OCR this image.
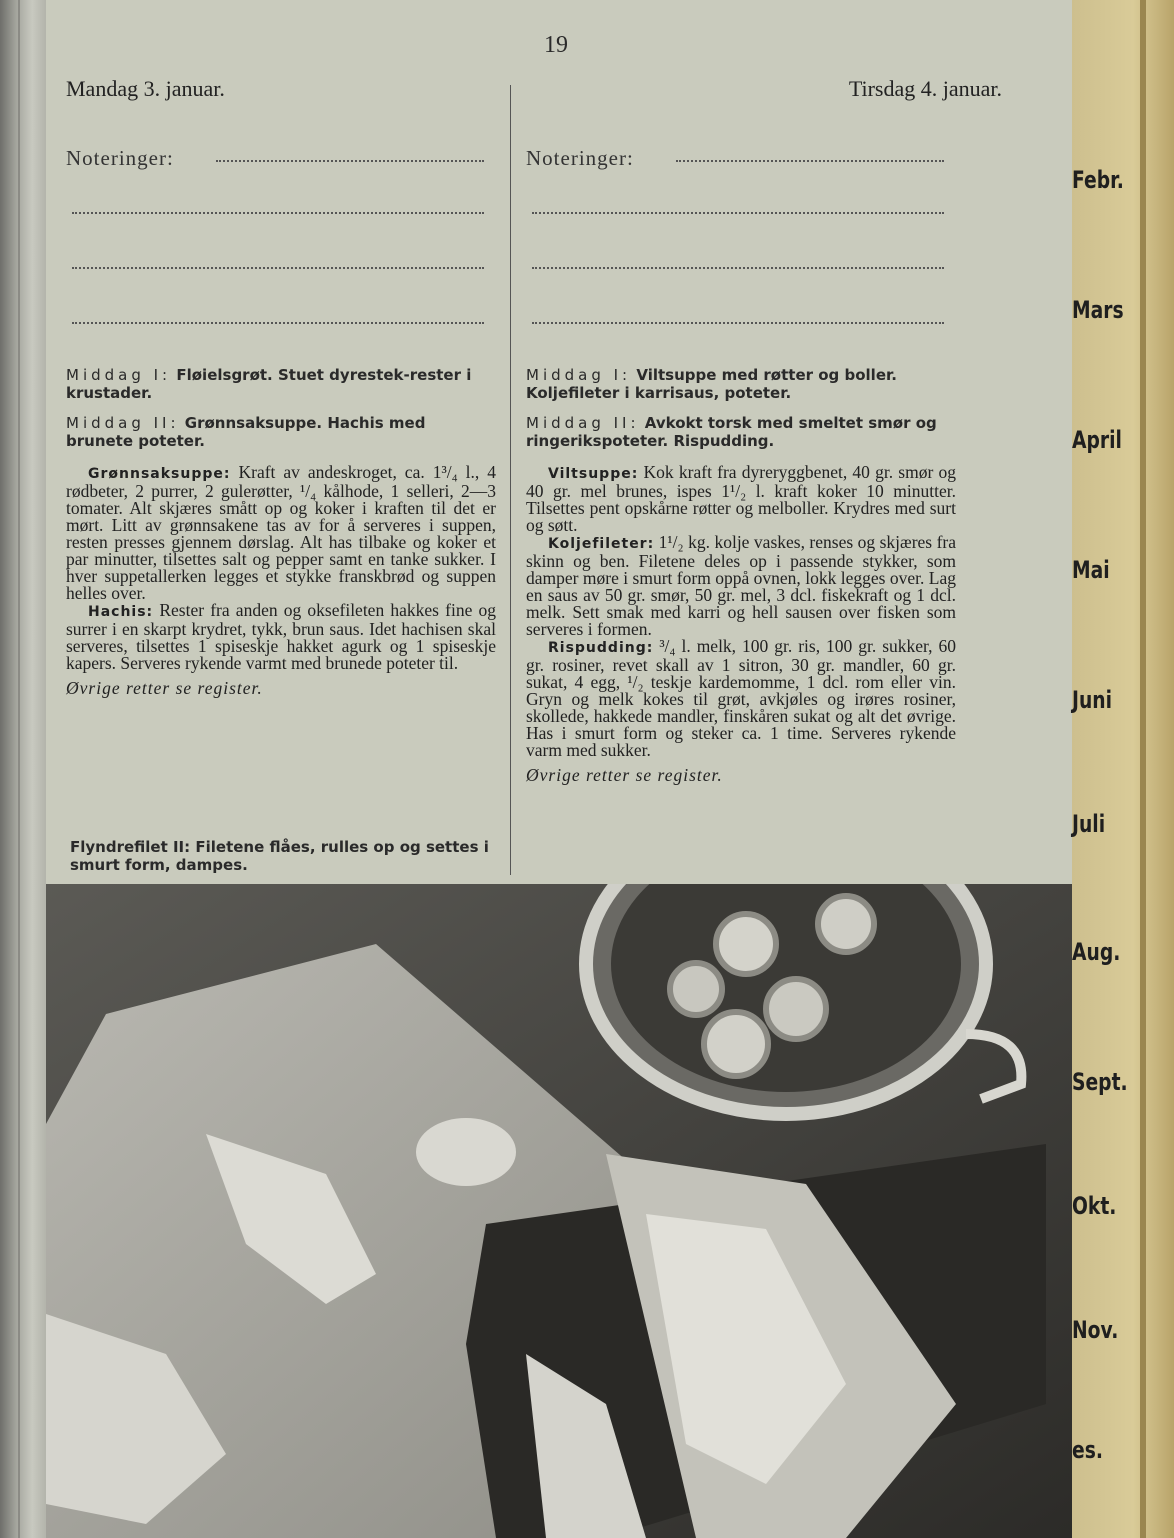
19
Mandag 3. januar.
Noteringer:
Middag I: Fløielsgrøt. Stuet dyrestek-rester i krustader.
Middag II: Grønnsaksuppe. Hachis med brunete poteter.

Grønnsaksuppe: Kraft av andeskroget, ca. 1³/₄ l., 4 rødbeter, 2 purrer, 2 gulerøtter, ¹/₄ kålhode, 1 selleri, 2—3 tomater. Alt skjæres smått op og koker i kraften til det er mørt. Litt av grønnsakene tas av for å serveres i suppen, resten presses gjennem dørslag. Alt has tilbake og koker et par minutter, tilsettes salt og pepper samt en tanke sukker. I hver suppetallerken legges et stykke franskbrød og suppen helles over.

Hachis: Rester fra anden og oksefileten hakkes fine og surrer i en skarpt krydret, tykk, brun saus. Idet hachisen skal serveres, tilsettes 1 spiseskje hakket agurk og 1 spiseskje kapers. Serveres rykende varmt med brunede poteter til.

Øvrige retter se register.

Flyndrefilet II: Filetene flåes, rulles op og settes i smurt form, dampes.
Tirsdag 4. januar.
Noteringer:
Middag I: Viltsuppe med røtter og boller. Koljefileter i karrisaus, poteter.
Middag II: Avkokt torsk med smeltet smør og ringerikspoteter. Rispudding.

Viltsuppe: Kok kraft fra dyreryggbenet, 40 gr. smør og 40 gr. mel brunes, ispes 1¹/₂ l. kraft koker 10 minutter. Tilsettes pent opskårne røtter og melboller. Krydres med surt og søtt.

Koljefileter: 1¹/₂ kg. kolje vaskes, renses og skjæres fra skinn og ben. Filetene deles op i passende stykker, som damper møre i smurt form oppå ovnen, lokk legges over. Lag en saus av 50 gr. smør, 50 gr. mel, 3 dcl. fiskekraft og 1 dcl. melk. Sett smak med karri og hell sausen over fisken som serveres i formen.

Rispudding: ³/₄ l. melk, 100 gr. ris, 100 gr. sukker, 60 gr. rosiner, revet skall av 1 sitron, 30 gr. mandler, 60 gr. sukat, 4 egg, ¹/₂ teskje kardemomme, 1 dcl. rom eller vin. Gryn og melk kokes til grøt, avkjøles og irøres rosiner, skollede, hakkede mandler, finskåren sukat og alt det øvrige. Has i smurt form og steker ca. 1 time. Serveres rykende varm med sukker.

Øvrige retter se register.

Febr.
Mars
April
Mai
Juni
Juli
Aug.
Sept.
Okt.
Nov.
es.
